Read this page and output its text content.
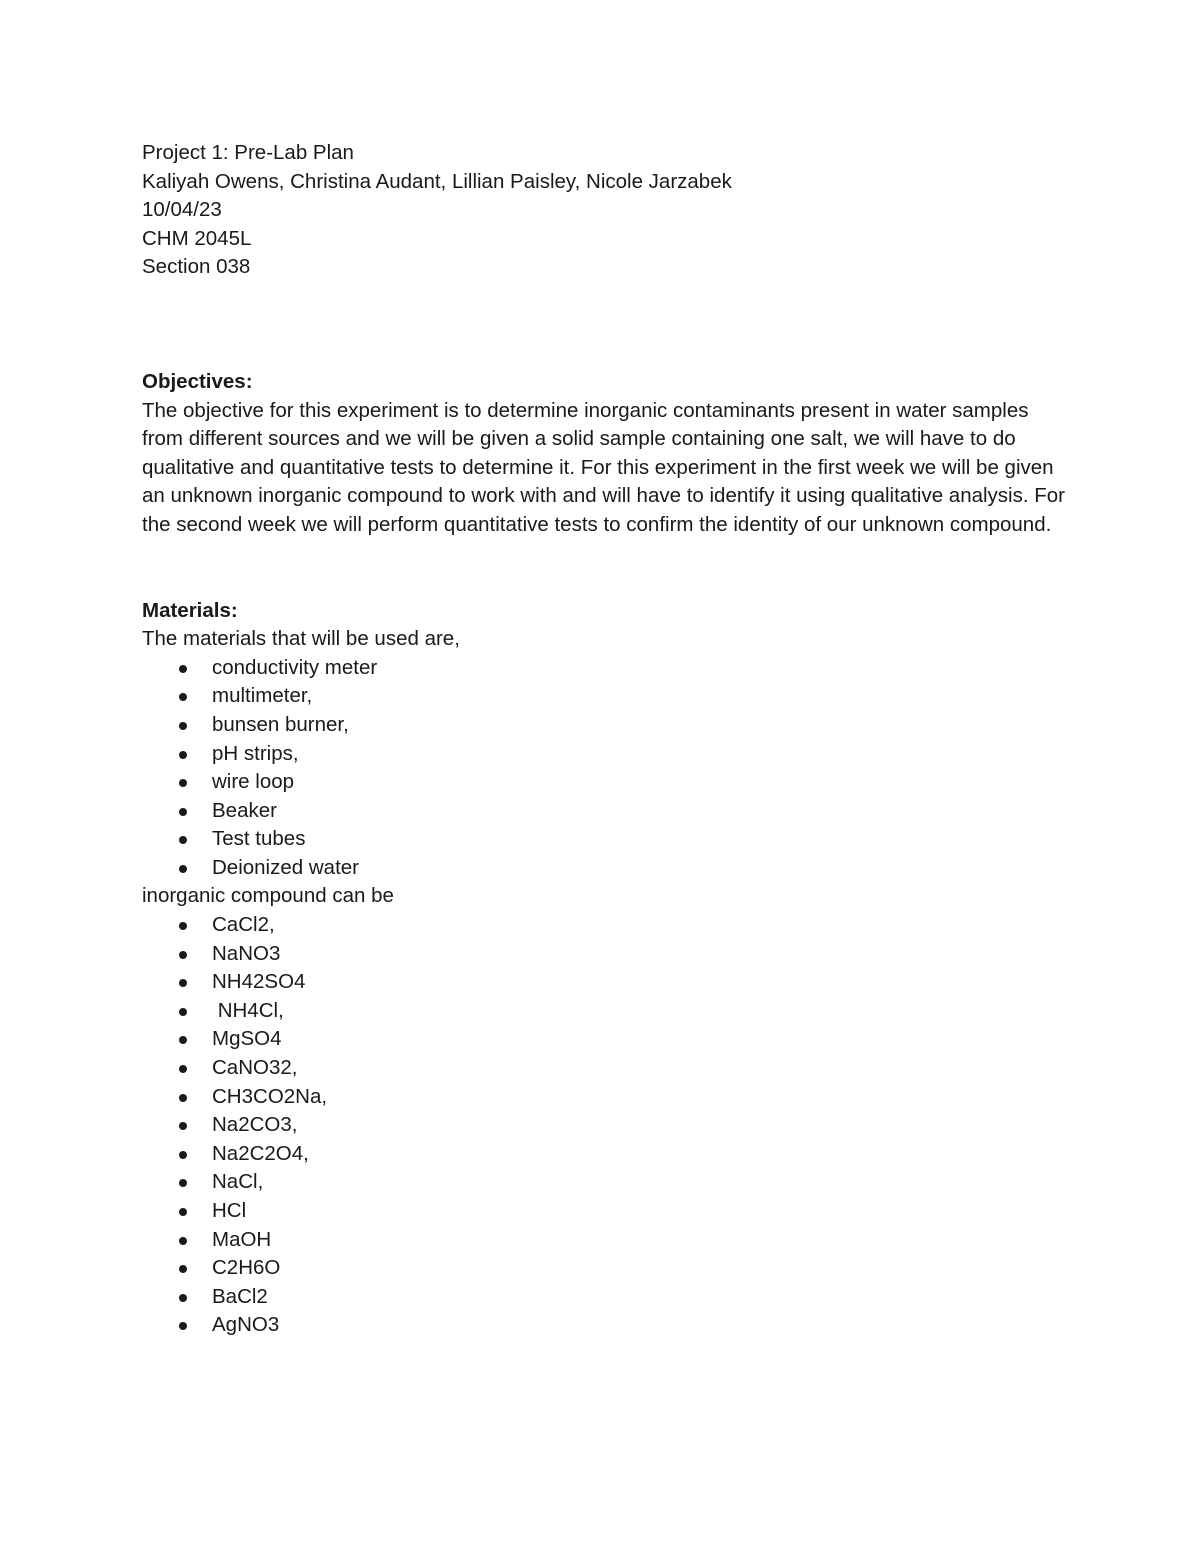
Project 1: Pre-Lab Plan
Kaliyah Owens, Christina Audant, Lillian Paisley, Nicole Jarzabek
10/04/23
CHM 2045L
Section 038
Objectives:

The objective for this experiment is to determine inorganic contaminants present in water samples from different sources and we will be given a solid sample containing one salt, we will have to do qualitative and quantitative tests to determine it. For this experiment in the first week we will be given an unknown inorganic compound to work with and will have to identify it using qualitative analysis. For the second week we will perform quantitative tests to confirm the identity of our unknown compound.

Materials:
The materials that will be used are,
conductivity meter
multimeter,
bunsen burner,
pH strips,
wire loop
Beaker
Test tubes
Deionized water
inorganic compound can be
CaCl2,
NaNO3
NH42SO4
NH4Cl,
MgSO4
CaNO32,
CH3CO2Na,
Na2CO3,
Na2C2O4,
NaCl,
HCl
MaOH
C2H6O
BaCl2
AgNO3
